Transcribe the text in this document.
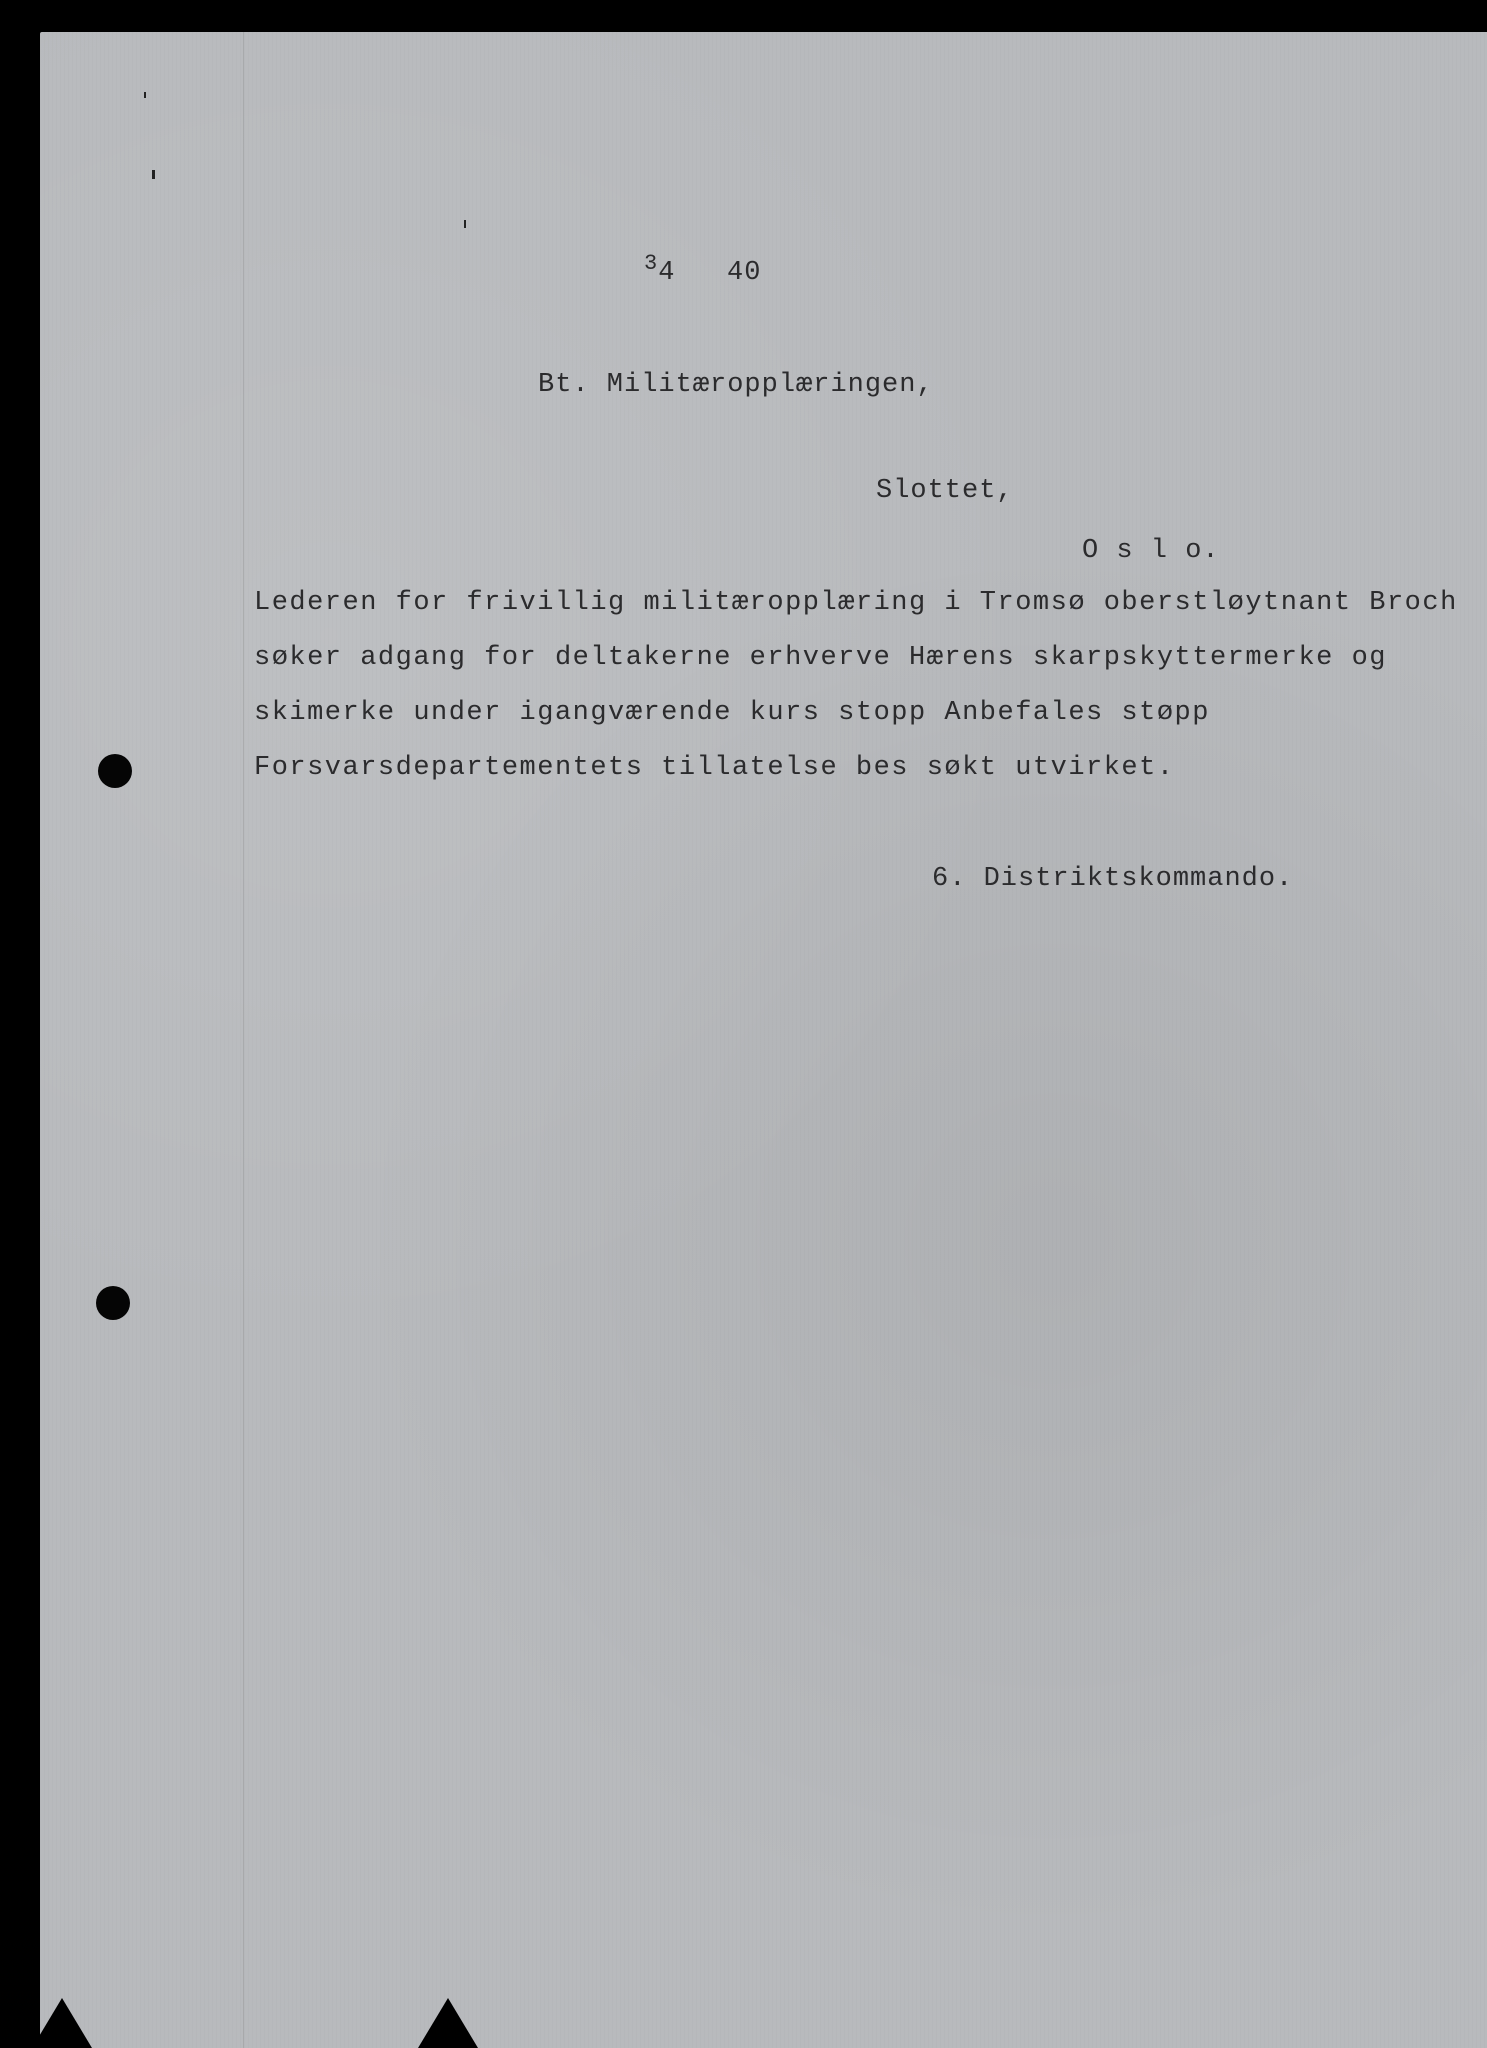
$^3$4 40
Bt. Militæropplæringen,
Slottet,
O s l o.
Lederen for frivillig militæropplæring i Tromsø oberstløytnant Broch
søker adgang for deltakerne erhverve Hærens skarpskyttermerke og
skimerke under igangværende kurs stopp Anbefales støpp
Forsvarsdepartementets tillatelse bes søkt utvirket.
6. Distriktskommando.
